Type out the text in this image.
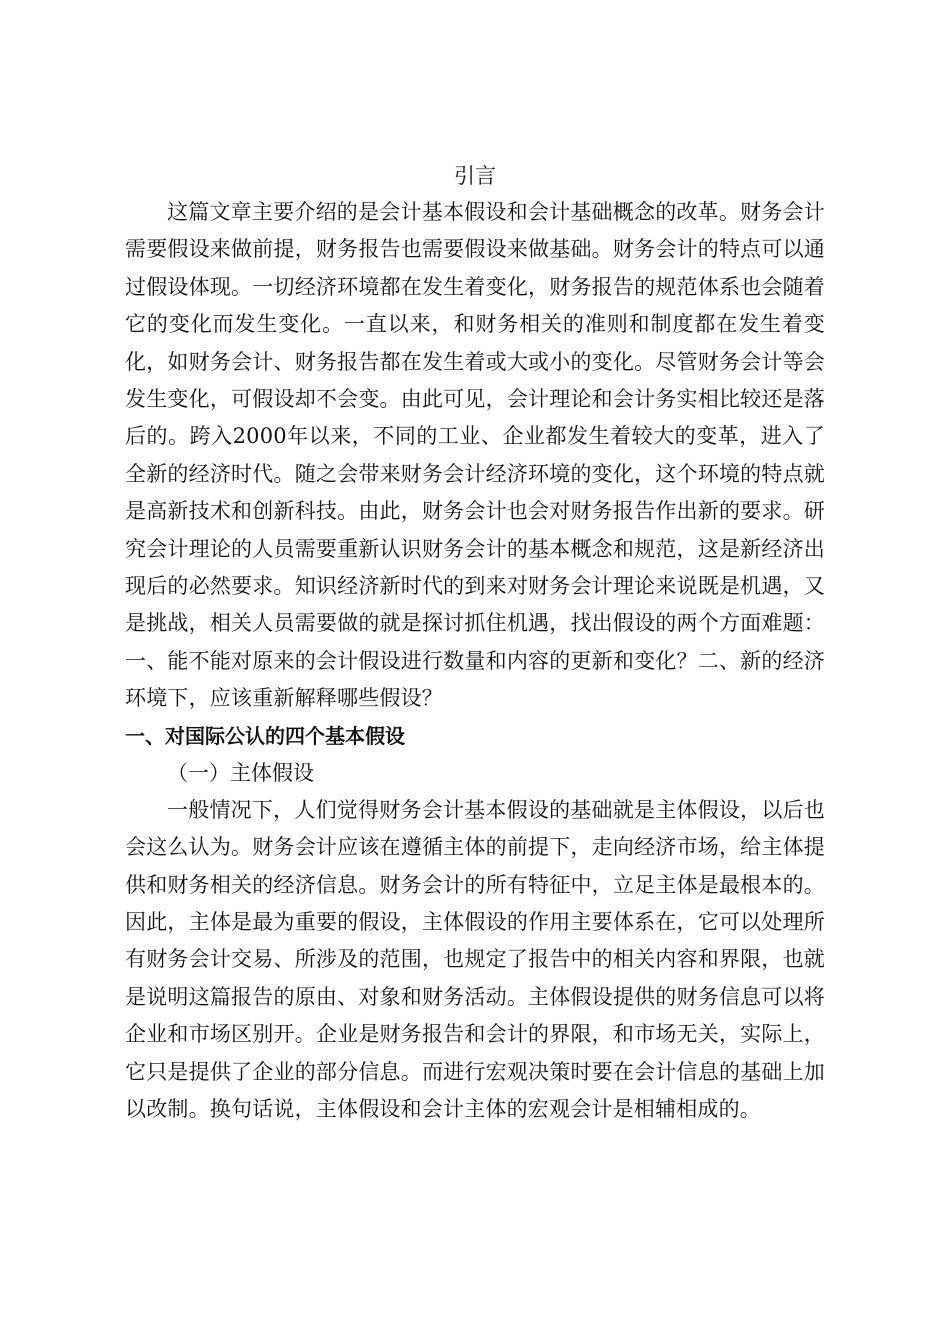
引言

这篇文章主要介绍的是会计基本假设和会计基础概念的改革。财务会计需要假设来做前提，财务报告也需要假设来做基础。财务会计的特点可以通过假设体现。一切经济环境都在发生着变化，财务报告的规范体系也会随着它的变化而发生变化。一直以来，和财务相关的准则和制度都在发生着变化，如财务会计、财务报告都在发生着或大或小的变化。尽管财务会计等会发生变化，可假设却不会变。由此可见，会计理论和会计务实相比较还是落后的。跨入2000年以来，不同的工业、企业都发生着较大的变革，进入了全新的经济时代。随之会带来财务会计经济环境的变化，这个环境的特点就是高新技术和创新科技。由此，财务会计也会对财务报告作出新的要求。研究会计理论的人员需要重新认识财务会计的基本概念和规范，这是新经济出现后的必然要求。知识经济新时代的到来对财务会计理论来说既是机遇，又是挑战，相关人员需要做的就是探讨抓住机遇，找出假设的两个方面难题：一、能不能对原来的会计假设进行数量和内容的更新和变化？二、新的经济环境下，应该重新解释哪些假设？

一、对国际公认的四个基本假设
（一）主体假设

一般情况下，人们觉得财务会计基本假设的基础就是主体假设，以后也会这么认为。财务会计应该在遵循主体的前提下，走向经济市场，给主体提供和财务相关的经济信息。财务会计的所有特征中，立足主体是最根本的。因此，主体是最为重要的假设，主体假设的作用主要体系在，它可以处理所有财务会计交易、所涉及的范围，也规定了报告中的相关内容和界限，也就是说明这篇报告的原由、对象和财务活动。主体假设提供的财务信息可以将企业和市场区别开。企业是财务报告和会计的界限，和市场无关，实际上，它只是提供了企业的部分信息。而进行宏观决策时要在会计信息的基础上加以改制。换句话说，主体假设和会计主体的宏观会计是相辅相成的。
